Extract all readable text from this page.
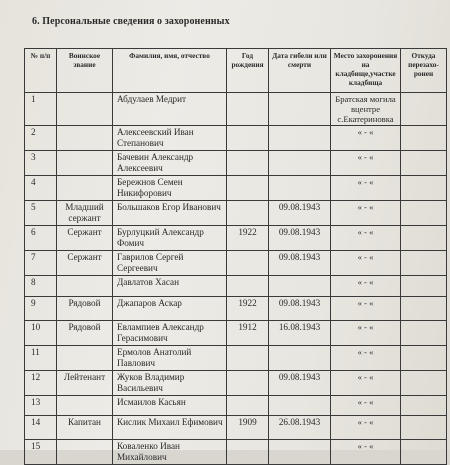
6. Персональные сведения о захороненных
№ п/п	Воинское звание	Фамилия, имя, отчество	Год рождения	Дата гибели или смерти	Место захоронения на кладбище,участке кладбища	Откуда перезахо-ронен
1		Абдулаев Медрит			Братская могила вцентре с.Екатериновка	
2		Алексеевский Иван Степанович			« - «	
3		Бачевин Александр Алексеевич			« - «	
4		Бережнов Семен Никифорович			« - «	
5	Младший сержант	Большаков Егор Иванович		09.08.1943	« - «	
6	Сержант	Бурлуцкий Александр Фомич	1922	09.08.1943	« - «	
7	Сержант	Гаврилов Сергей Сергеевич		09.08.1943	« - «	
8		Давлатов Хасан			« - «	
9	Рядовой	Джапаров Аскар	1922	09.08.1943	« - «	
10	Рядовой	Евлампиев Александр Герасимович	1912	16.08.1943	« - «	
11		Ермолов Анатолий Павлович			« - «	
12	Лейтенант	Жуков Владимир Васильевич		09.08.1943	« - «	
13		Исмаилов Касьян			« - «	
14	Капитан	Кислик Михаил Ефимович	1909	26.08.1943	« - «	
15		Коваленко Иван Михайлович			« - «	
